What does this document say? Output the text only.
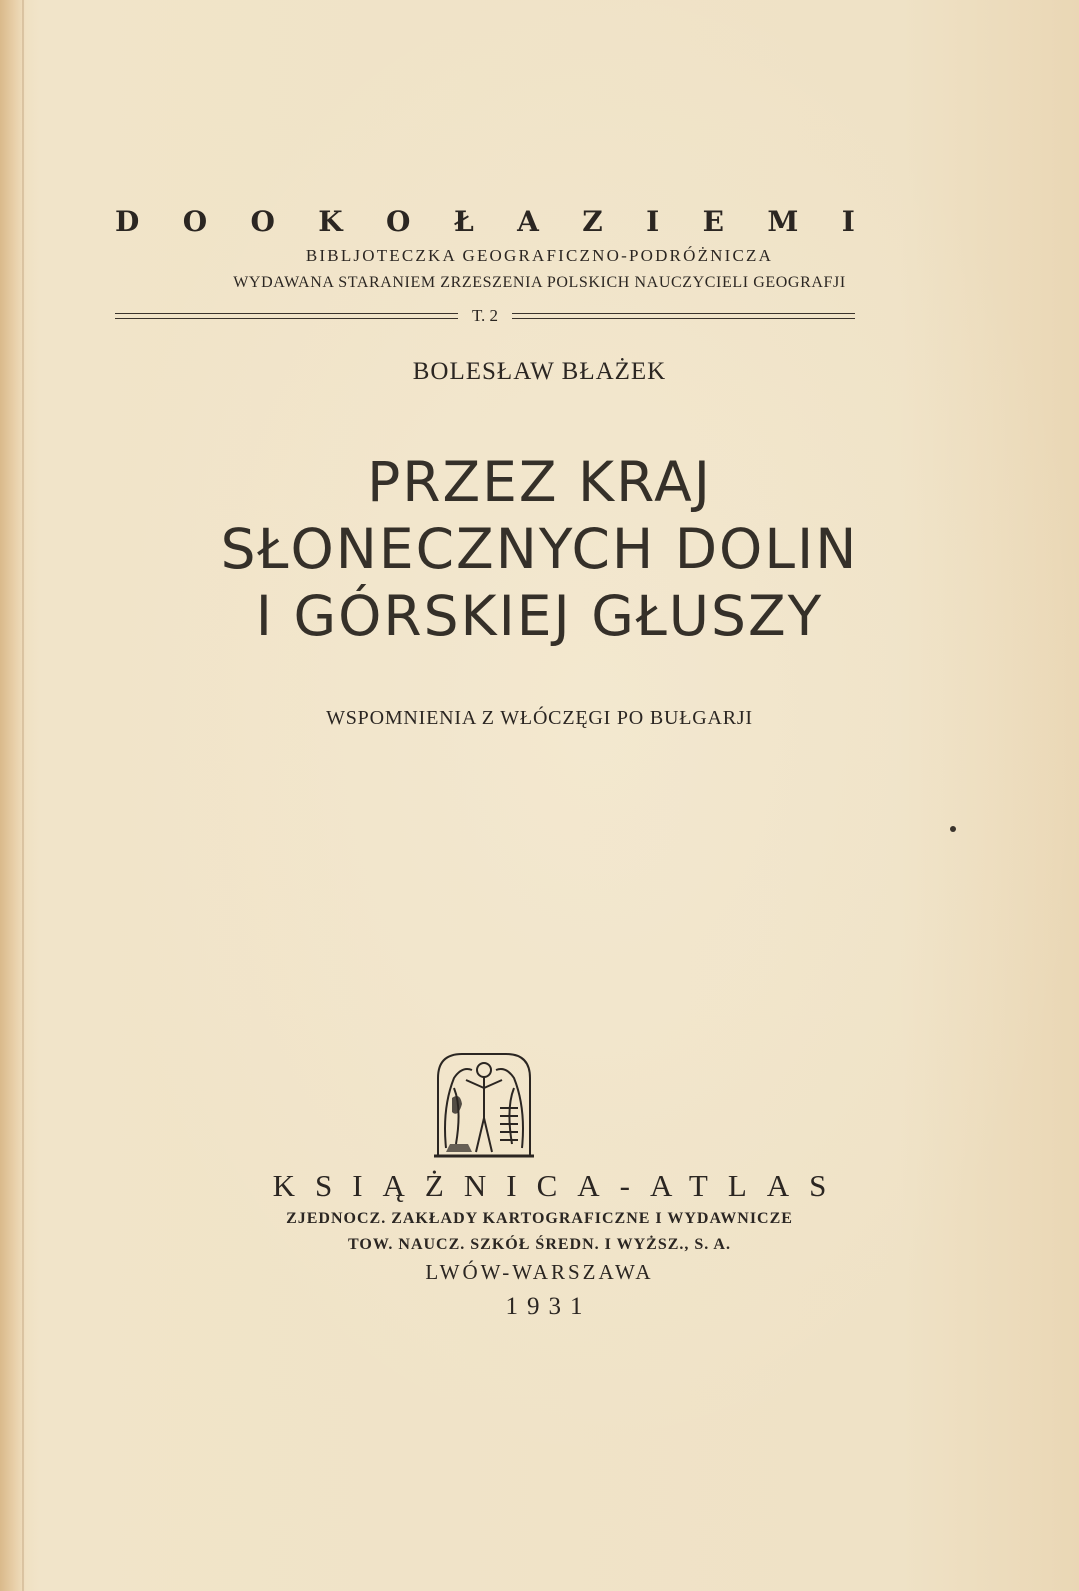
D O O K O Ł A Z I E M I
BIBLJOTECZKA GEOGRAFICZNO-PODRÓŻNICZA
WYDAWANA STARANIEM ZRZESZENIA POLSKICH NAUCZYCIELI GEOGRAFJI
T. 2
BOLESŁAW BŁAŻEK
PRZEZ KRAJ
SŁONECZNYCH DOLIN
I GÓRSKIEJ GŁUSZY
WSPOMNIENIA Z WŁÓCZĘGI PO BUŁGARJI
KSIĄŻNICA-ATLAS
ZJEDNOCZ. ZAKŁADY KARTOGRAFICZNE I WYDAWNICZE
TOW. NAUCZ. SZKÓŁ ŚREDN. I WYŻSZ., S. A.
LWÓW-WARSZAWA
1931
